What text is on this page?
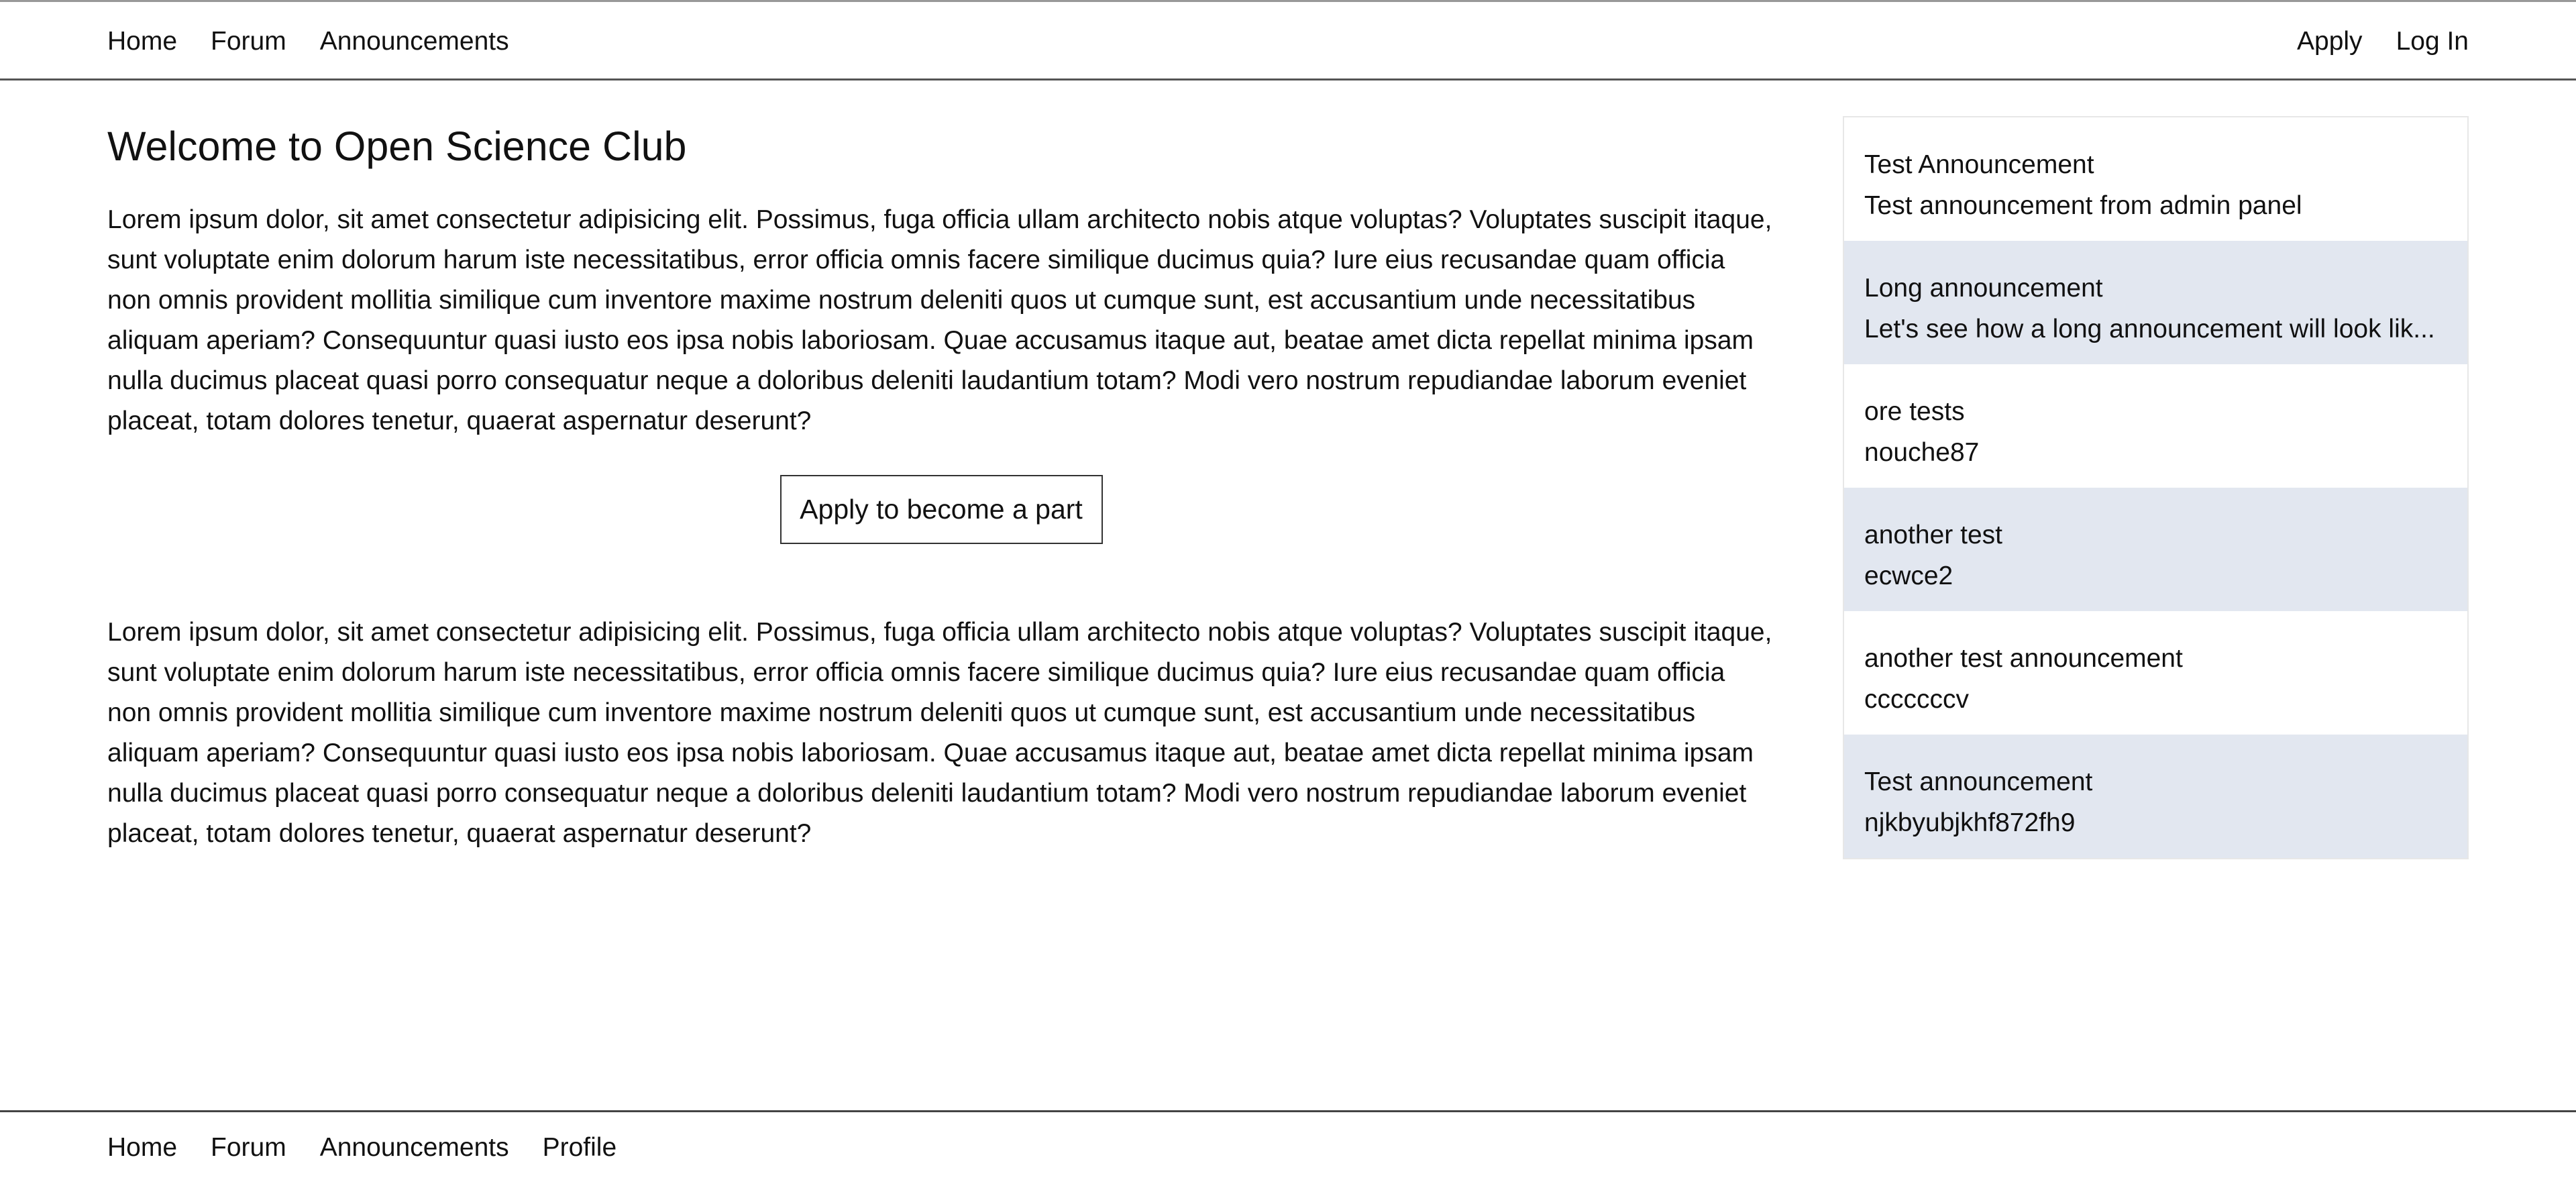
Home Forum Announcements	Apply Log In
Welcome to Open Science Club

Lorem ipsum dolor, sit amet consectetur adipisicing elit. Possimus, fuga officia ullam architecto nobis atque voluptas? Voluptates suscipit itaque, sunt voluptate enim dolorum harum iste necessitatibus, error officia omnis facere similique ducimus quia? Iure eius recusandae quam officia non omnis provident mollitia similique cum inventore maxime nostrum deleniti quos ut cumque sunt, est accusantium unde necessitatibus aliquam aperiam? Consequuntur quasi iusto eos ipsa nobis laboriosam. Quae accusamus itaque aut, beatae amet dicta repellat minima ipsam nulla ducimus placeat quasi porro consequatur neque a doloribus deleniti laudantium totam? Modi vero nostrum repudiandae laborum eveniet placeat, totam dolores tenetur, quaerat aspernatur deserunt?

Apply to become a part

Lorem ipsum dolor, sit amet consectetur adipisicing elit. Possimus, fuga officia ullam architecto nobis atque voluptas? Voluptates suscipit itaque, sunt voluptate enim dolorum harum iste necessitatibus, error officia omnis facere similique ducimus quia? Iure eius recusandae quam officia non omnis provident mollitia similique cum inventore maxime nostrum deleniti quos ut cumque sunt, est accusantium unde necessitatibus aliquam aperiam? Consequuntur quasi iusto eos ipsa nobis laboriosam. Quae accusamus itaque aut, beatae amet dicta repellat minima ipsam nulla ducimus placeat quasi porro consequatur neque a doloribus deleniti laudantium totam? Modi vero nostrum repudiandae laborum eveniet placeat, totam dolores tenetur, quaerat aspernatur deserunt?

Test Announcement
Test announcement from admin panel
Long announcement
Let's see how a long announcement will look lik...
ore tests
nouche87
another test
ecwce2
another test announcement
cccccccv
Test announcement
njkbyubjkhf872fh9
Home Forum Announcements Profile
